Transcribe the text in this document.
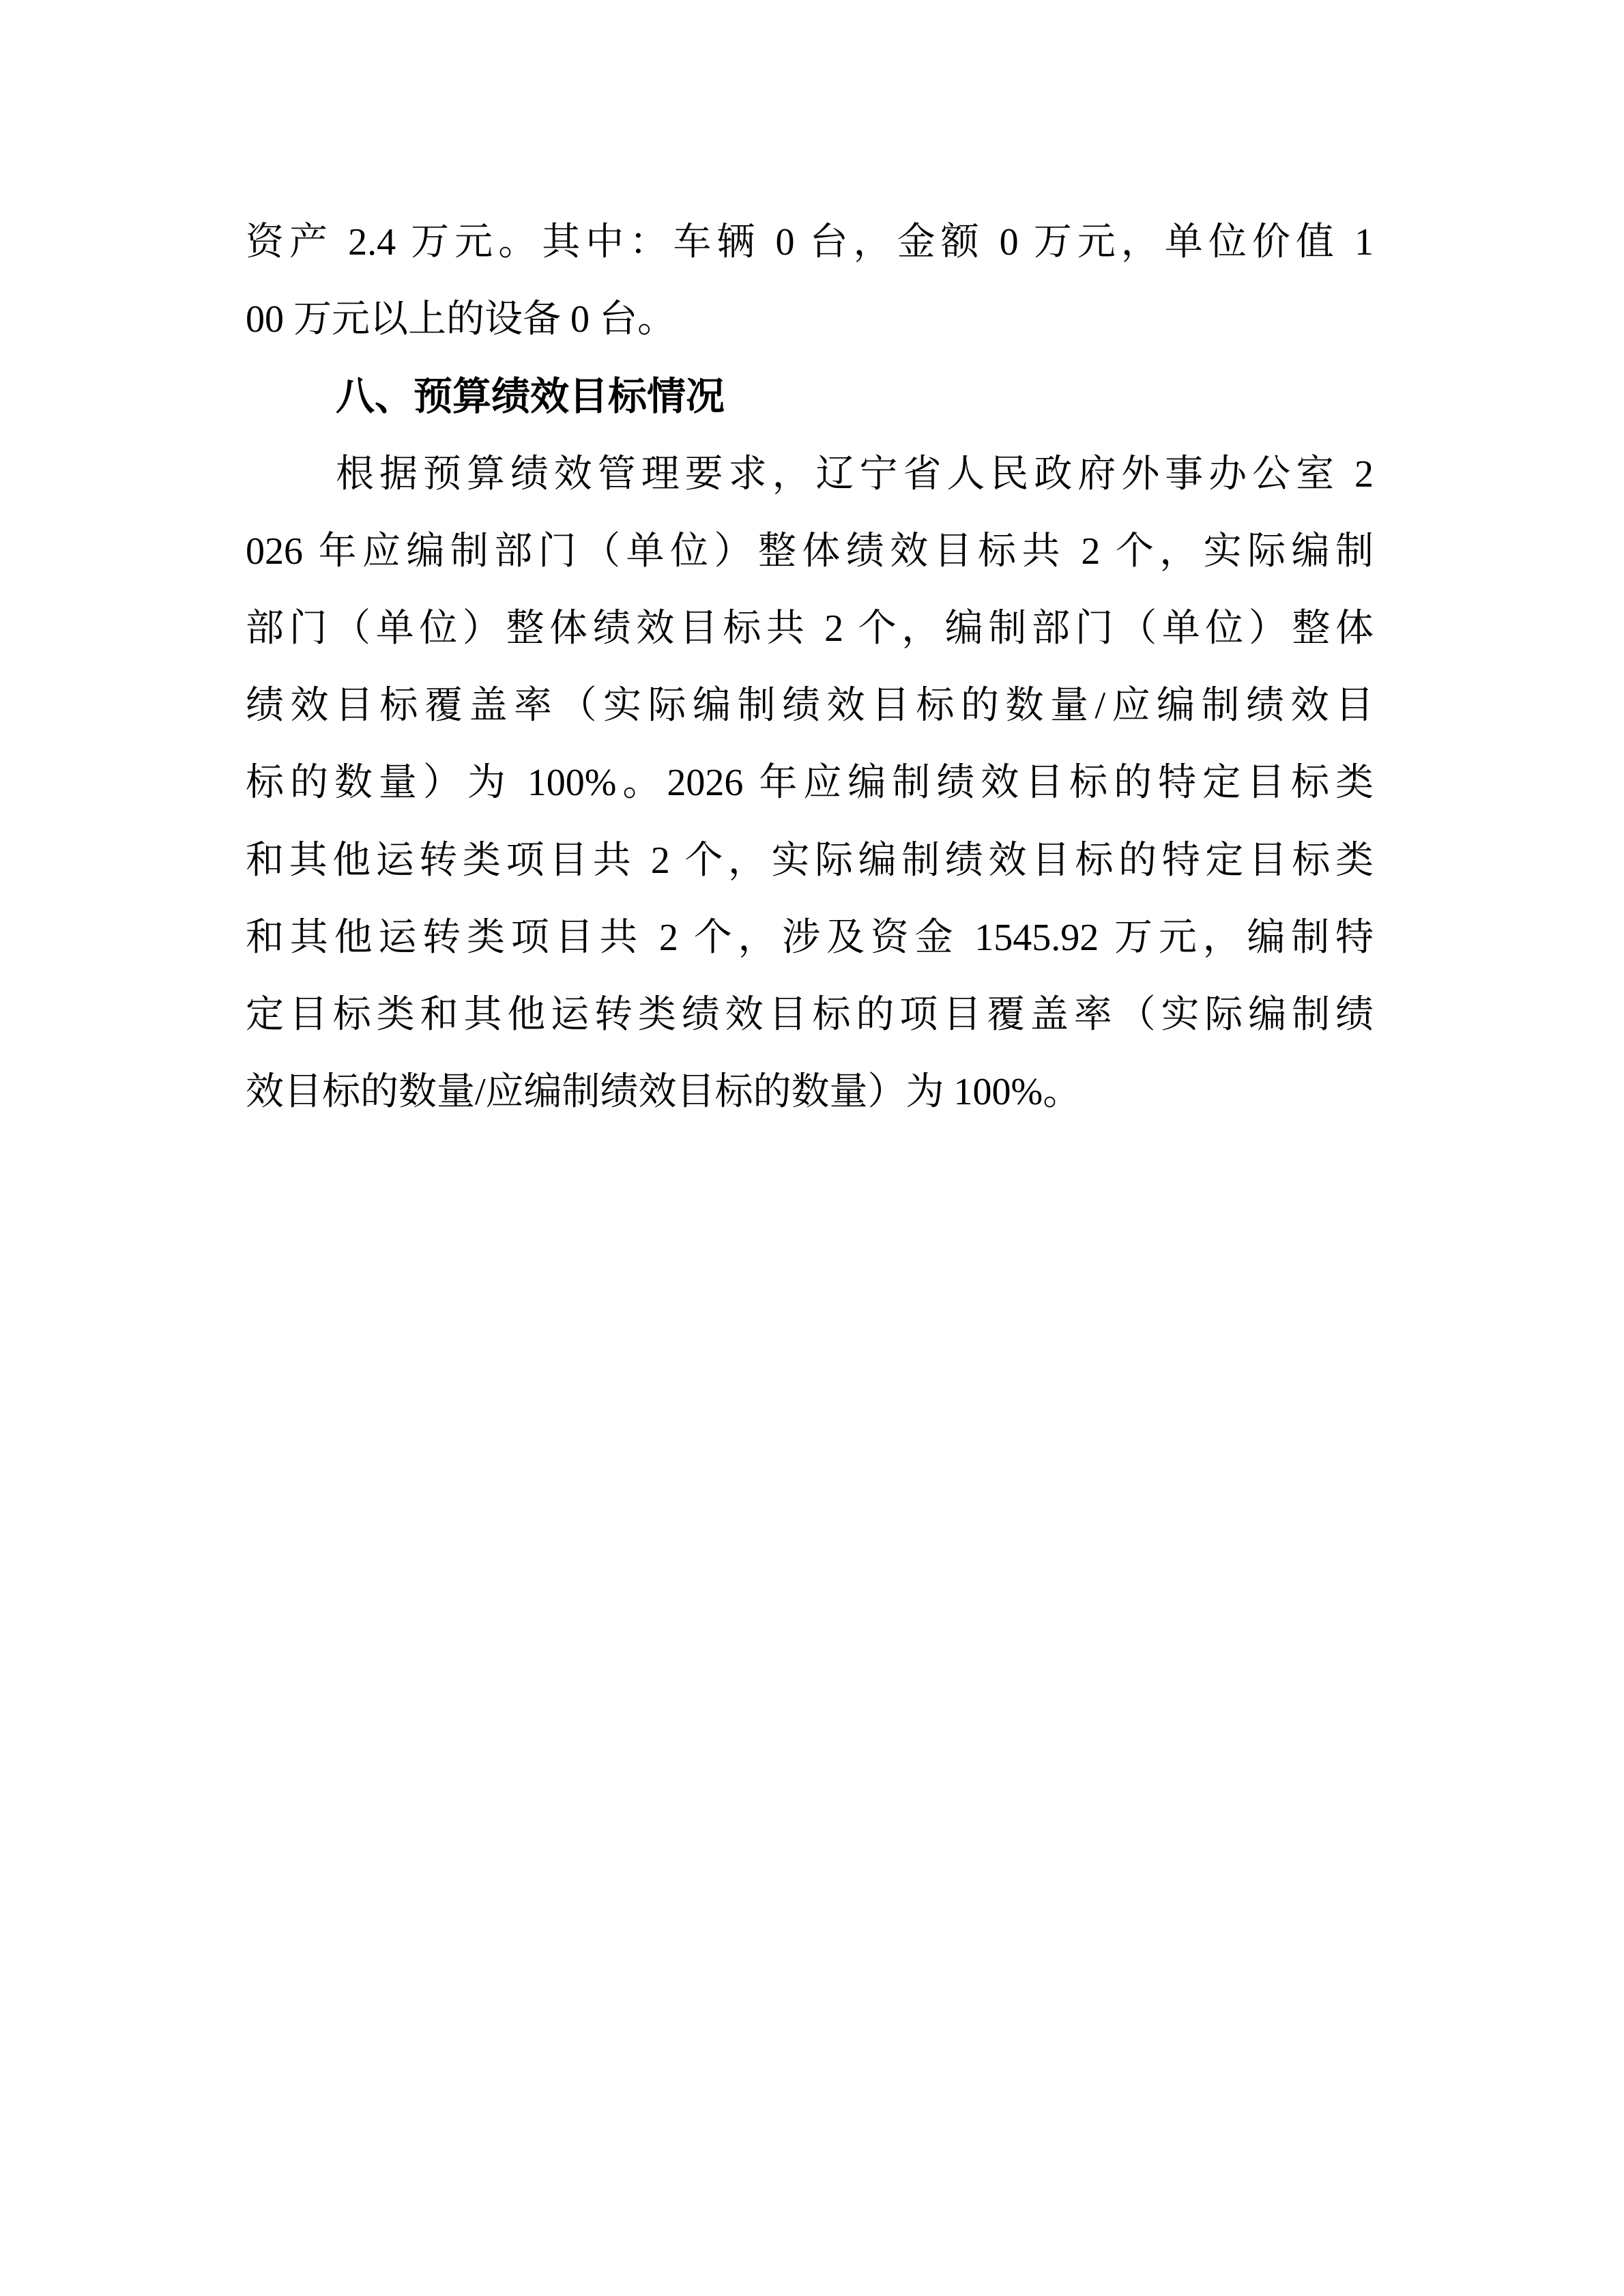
资产 2.4 万元。其中：车辆 0 台，金额 0 万元，单位价值 1
00 万元以上的设备 0 台。
八、预算绩效目标情况
根据预算绩效管理要求，辽宁省人民政府外事办公室 2
026 年应编制部门（单位）整体绩效目标共 2 个，实际编制
部门（单位）整体绩效目标共 2 个，编制部门（单位）整体
绩效目标覆盖率（实际编制绩效目标的数量/应编制绩效目
标的数量）为 100%。2026 年应编制绩效目标的特定目标类
和其他运转类项目共 2 个，实际编制绩效目标的特定目标类
和其他运转类项目共 2 个，涉及资金 1545.92 万元，编制特
定目标类和其他运转类绩效目标的项目覆盖率（实际编制绩
效目标的数量/应编制绩效目标的数量）为 100%。
